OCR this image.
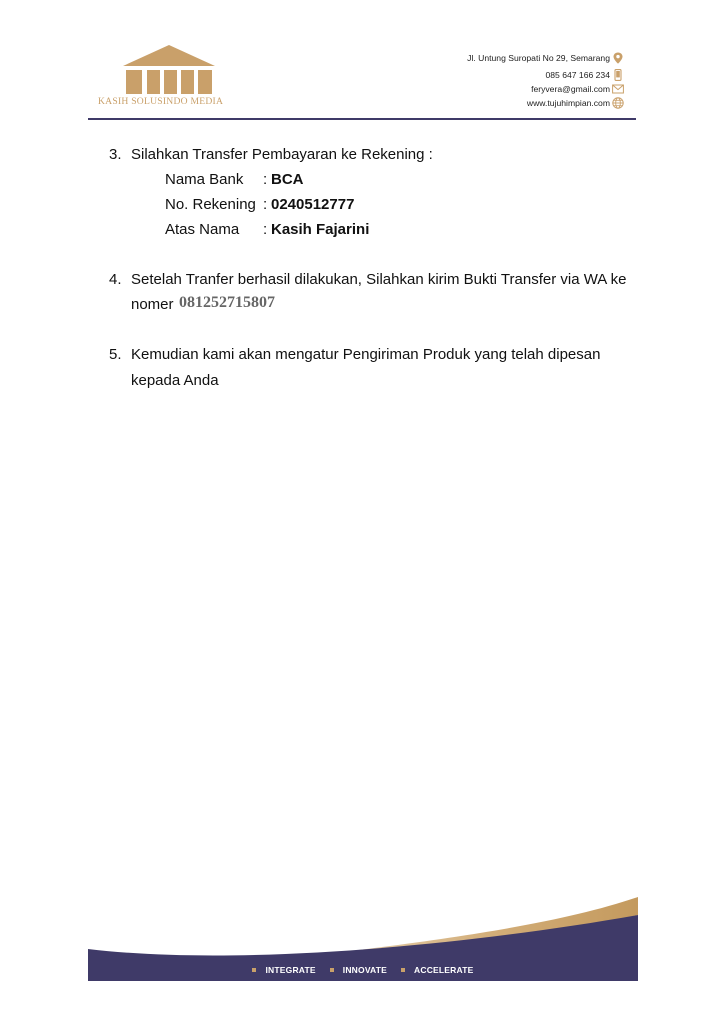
KASIH SOLUSINDO MEDIA
Jl. Untung Suropati No 29, Semarang
085 647 166 234
feryvera@gmail.com
www.tujuhimpian.com
3. Silahkan Transfer Pembayaran ke Rekening :
Nama Bank : BCA
No. Rekening : 0240512777
Atas Nama : Kasih Fajarini
4. Setelah Tranfer berhasil dilakukan, Silahkan kirim Bukti Transfer via WA ke
nomer 081252715807
5. Kemudian kami akan mengatur Pengiriman Produk yang telah dipesan
kepada Anda
INTEGRATE	INNOVATE	ACCELERATE
